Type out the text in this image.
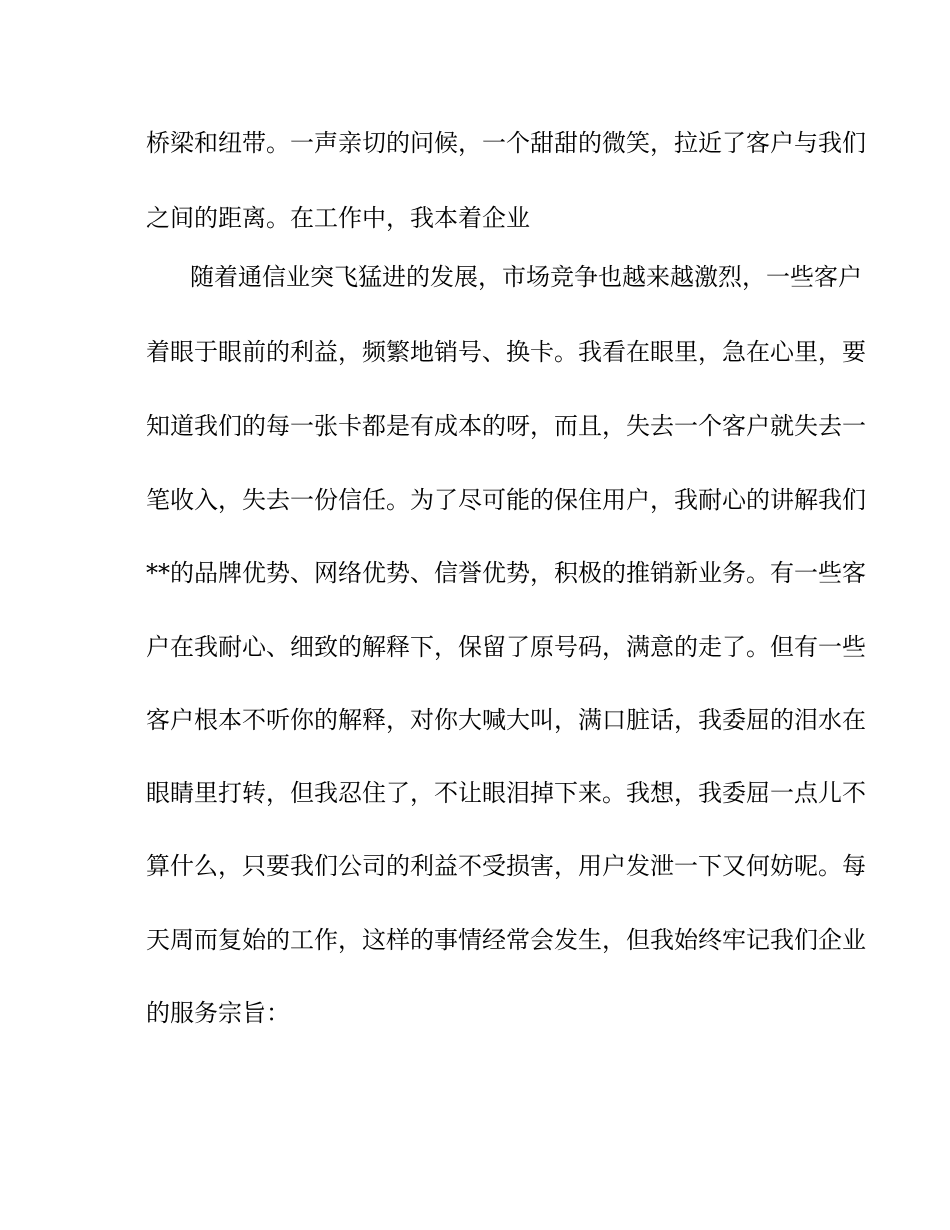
桥梁和纽带。一声亲切的问候，一个甜甜的微笑，拉近了客户与我们
之间的距离。在工作中，我本着企业
随着通信业突飞猛进的发展，市场竞争也越来越激烈，一些客户
着眼于眼前的利益，频繁地销号、换卡。我看在眼里，急在心里，要
知道我们的每一张卡都是有成本的呀，而且，失去一个客户就失去一
笔收入，失去一份信任。为了尽可能的保住用户，我耐心的讲解我们
**的品牌优势、网络优势、信誉优势，积极的推销新业务。有一些客
户在我耐心、细致的解释下，保留了原号码，满意的走了。但有一些
客户根本不听你的解释，对你大喊大叫，满口脏话，我委屈的泪水在
眼睛里打转，但我忍住了，不让眼泪掉下来。我想，我委屈一点儿不
算什么，只要我们公司的利益不受损害，用户发泄一下又何妨呢。每
天周而复始的工作，这样的事情经常会发生，但我始终牢记我们企业
的服务宗旨：
